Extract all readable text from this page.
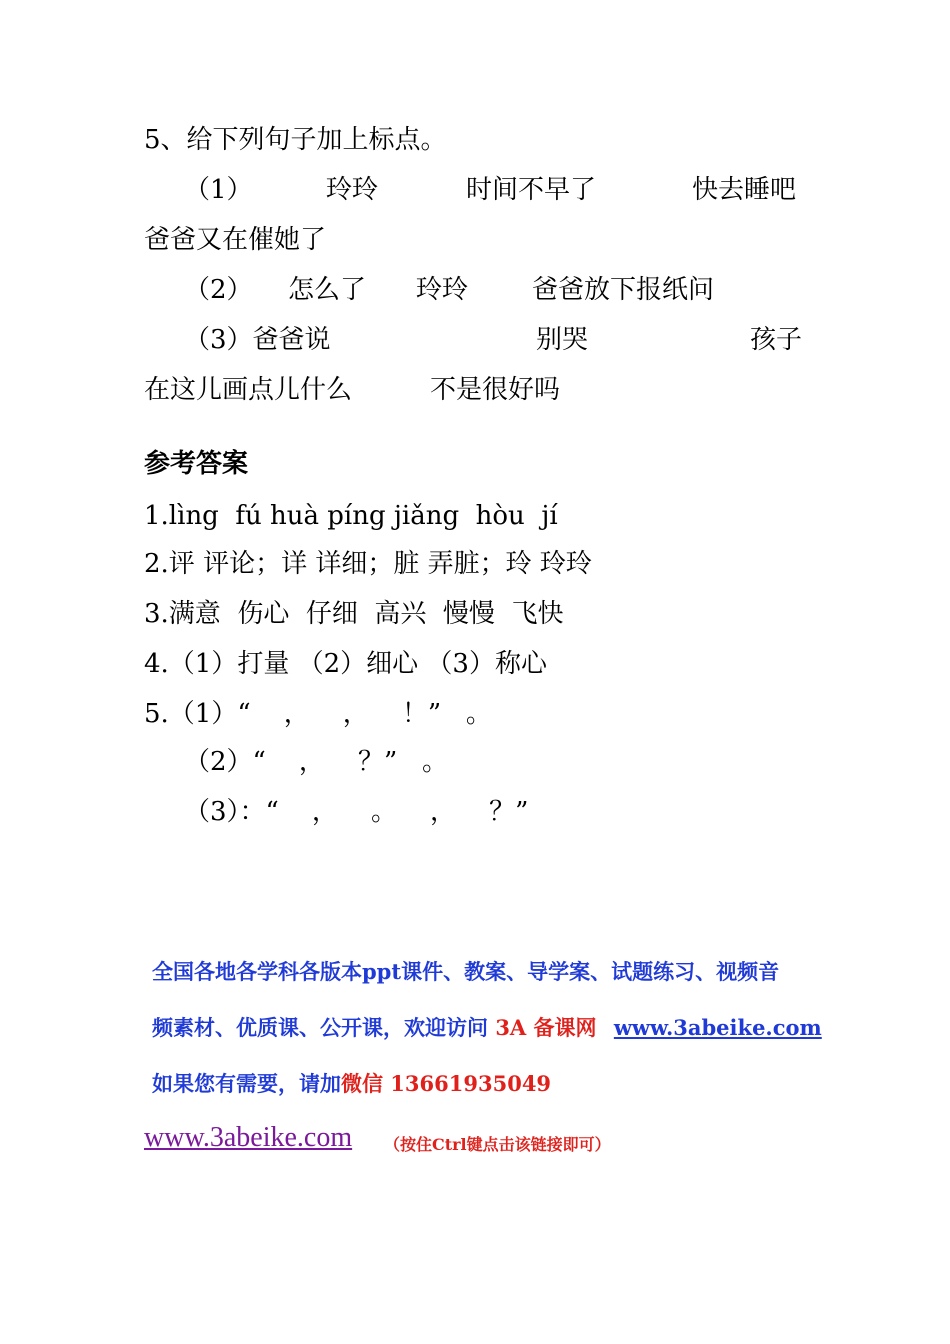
5、给下列句子加上标点。
（1）	玲玲	时间不早了	快去睡吧
爸爸又在催她了
（2） 怎么了 玲玲 爸爸放下报纸问
（3）爸爸说	别哭	孩子
在这儿画点儿什么	不是很好吗
参考答案
1.lìng  fú huà píng jiǎng  hòu  jí
2.评 评论；详 详细；脏 弄脏；玲 玲玲
3.满意  伤心  仔细  高兴  慢慢  飞快
4.（1）打量 （2）细心 （3）称心
5.（1）“    ，    ，    ！”   。
（2）“    ，    ？”   。
（3）：“    ，    。    ，    ？”
全国各地各学科各版本ppt课件、教案、导学案、试题练习、视频音
频素材、优质课、公开课，欢迎访问 3A 备课网 www.3abeike.com
如果您有需要，请加微信 13661935049
www.3abeike.com （按住Ctrl键点击该链接即可）
